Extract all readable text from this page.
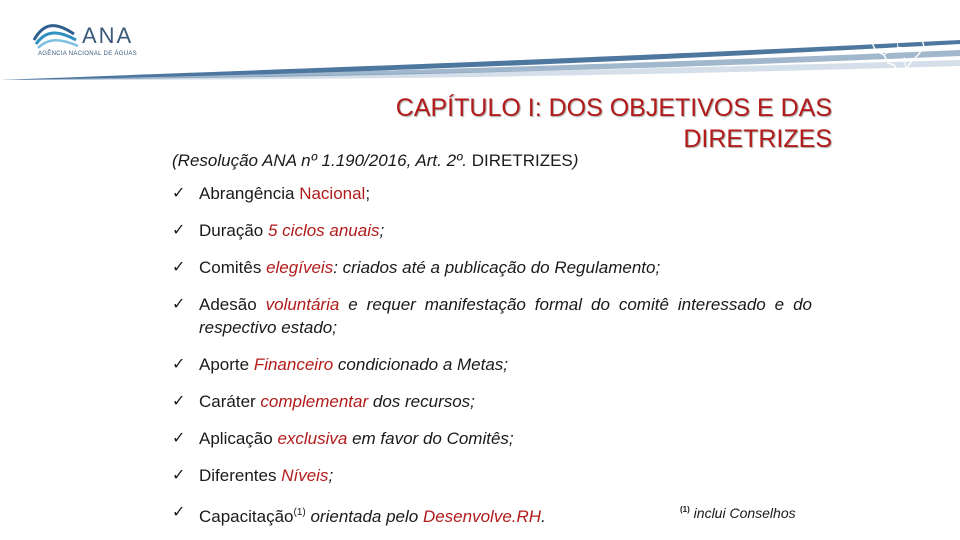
ANA
AGÊNCIA NACIONAL DE ÁGUAS
CAPÍTULO I: DOS OBJETIVOS E DAS DIRETRIZES
(Resolução ANA nº 1.190/2016, Art. 2º. DIRETRIZES)
✓ Abrangência Nacional;
✓ Duração 5 ciclos anuais;
✓ Comitês elegíveis: criados até a publicação do Regulamento;
✓ Adesão voluntária e requer manifestação formal do comitê interessado e do respectivo estado;
✓ Aporte Financeiro condicionado a Metas;
✓ Caráter complementar dos recursos;
✓ Aplicação exclusiva em favor do Comitês;
✓ Diferentes Níveis;
✓ Capacitação$^{(1)}$ orientada pelo Desenvolve.RH.	$^{(1)}$ inclui Conselhos
